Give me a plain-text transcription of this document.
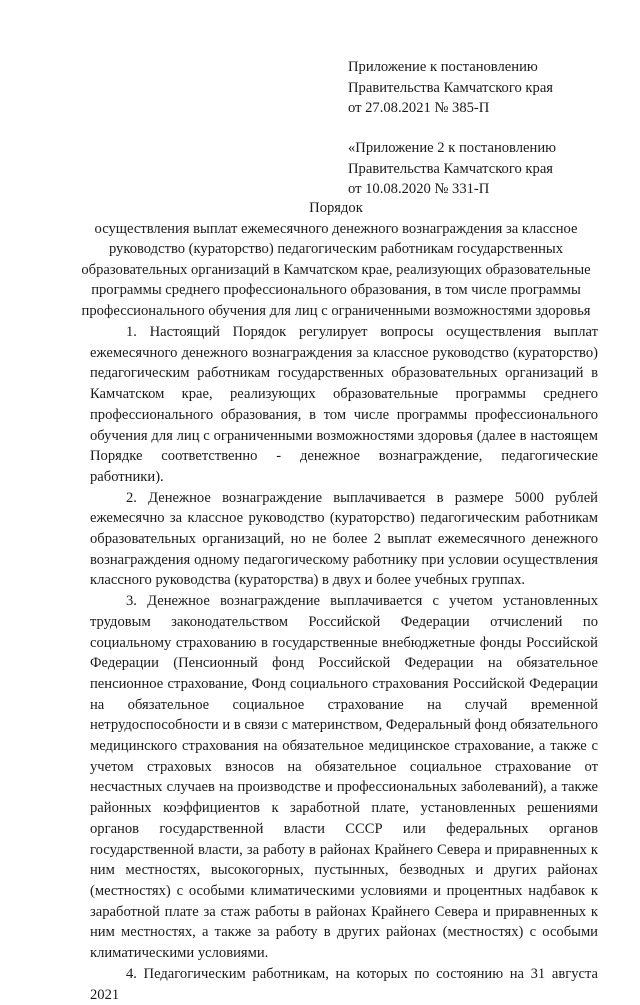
Приложение к постановлению
Правительства Камчатского края
от 27.08.2021 № 385-П
«Приложение 2 к постановлению
Правительства Камчатского края
от 10.08.2020 № 331-П
Порядок
осуществления выплат ежемесячного денежного вознаграждения за классное
руководство (кураторство) педагогическим работникам государственных
образовательных организаций в Камчатском крае, реализующих образовательные
программы среднего профессионального образования, в том числе программы
профессионального обучения для лиц с ограниченными возможностями здоровья

1. Настоящий Порядок регулирует вопросы осуществления выплат ежемесячного денежного вознаграждения за классное руководство (кураторство) педагогическим работникам государственных образовательных организаций в Камчатском крае, реализующих образовательные программы среднего профессионального образования, в том числе программы профессионального обучения для лиц с ограниченными возможностями здоровья (далее в настоящем Порядке соответственно - денежное вознаграждение, педагогические работники).

2. Денежное вознаграждение выплачивается в размере 5000 рублей ежемесячно за классное руководство (кураторство) педагогическим работникам образовательных организаций, но не более 2 выплат ежемесячного денежного вознаграждения одному педагогическому работнику при условии осуществления классного руководства (кураторства) в двух и более учебных группах.

3. Денежное вознаграждение выплачивается с учетом установленных трудовым законодательством Российской Федерации отчислений по социальному страхованию в государственные внебюджетные фонды Российской Федерации (Пенсионный фонд Российской Федерации на обязательное пенсионное страхование, Фонд социального страхования Российской Федерации на обязательное социальное страхование на случай временной нетрудоспособности и в связи с материнством, Федеральный фонд обязательного медицинского страхования на обязательное медицинское страхование, а также с учетом страховых взносов на обязательное социальное страхование от несчастных случаев на производстве и профессиональных заболеваний), а также районных коэффициентов к заработной плате, установленных решениями органов государственной власти СССР или федеральных органов государственной власти, за работу в районах Крайнего Севера и приравненных к ним местностях, высокогорных, пустынных, безводных и других районах (местностях) с особыми климатическими условиями и процентных надбавок к заработной плате за стаж работы в районах Крайнего Севера и приравненных к ним местностях, а также за работу в других районах (местностях) с особыми климатическими условиями.

4. Педагогическим работникам, на которых по состоянию на 31 августа 2021
